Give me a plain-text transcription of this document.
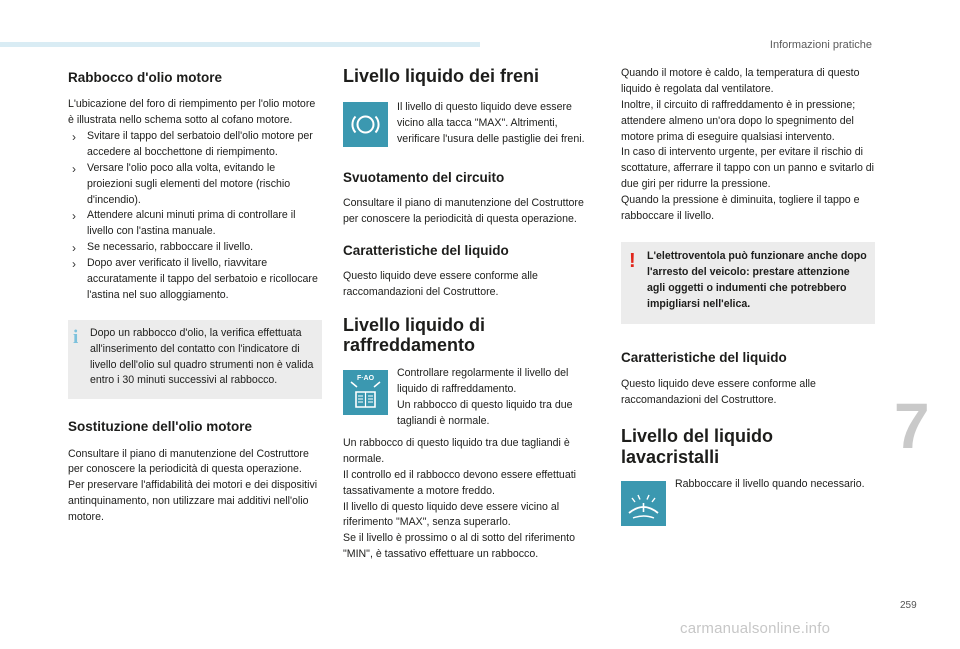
Informazioni pratiche
Rabbocco d'olio motore

L'ubicazione del foro di riempimento per l'olio motore è illustrata nello schema sotto al cofano motore.

› Svitare il tappo del serbatoio dell'olio motore per accedere al bocchettone di riempimento.
› Versare l'olio poco alla volta, evitando le proiezioni sugli elementi del motore (rischio d'incendio).
› Attendere alcuni minuti prima di controllare il livello con l'astina manuale.
› Se necessario, rabboccare il livello.
› Dopo aver verificato il livello, riavvitare accuratamente il tappo del serbatoio e ricollocare l'astina nel suo alloggiamento.
i Dopo un rabbocco d'olio, la verifica effettuata all'inserimento del contatto con l'indicatore di livello dell'olio sul quadro strumenti non è valida entro i 30 minuti successivi al rabbocco.

Sostituzione dell'olio motore

Consultare il piano di manutenzione del Costruttore per conoscere la periodicità di questa operazione.

Per preservare l'affidabilità dei motori e dei dispositivi antinquinamento, non utilizzare mai additivi nell'olio motore.

Livello liquido dei freni

Il livello di questo liquido deve essere vicino alla tacca "MAX". Altrimenti, verificare l'usura delle pastiglie dei freni.

Svuotamento del circuito

Consultare il piano di manutenzione del Costruttore per conoscere la periodicità di questa operazione.

Caratteristiche del liquido

Questo liquido deve essere conforme alle raccomandazioni del Costruttore.

Livello liquido di raffreddamento
F·AO Controllare regolarmente il livello del liquido di raffreddamento.

Un rabbocco di questo liquido tra due tagliandi è normale.

Un rabbocco di questo liquido tra due tagliandi è normale.

Il controllo ed il rabbocco devono essere effettuati tassativamente a motore freddo.

Il livello di questo liquido deve essere vicino al riferimento "MAX", senza superarlo.

Se il livello è prossimo o al di sotto del riferimento "MIN", è tassativo effettuare un rabbocco.

Quando il motore è caldo, la temperatura di questo liquido è regolata dal ventilatore.

Inoltre, il circuito di raffreddamento è in pressione; attendere almeno un'ora dopo lo spegnimento del motore prima di eseguire qualsiasi intervento.

In caso di intervento urgente, per evitare il rischio di scottature, afferrare il tappo con un panno e svitarlo di due giri per ridurre la pressione.

Quando la pressione è diminuita, togliere il tappo e rabboccare il livello.

! L'elettroventola può funzionare anche dopo l'arresto del veicolo: prestare attenzione agli oggetti o indumenti che potrebbero impigliarsi nell'elica.

Caratteristiche del liquido

Questo liquido deve essere conforme alle raccomandazioni del Costruttore.

Livello del liquido lavacristalli

Rabboccare il livello quando necessario.

7
259
carmanualsonline.info
